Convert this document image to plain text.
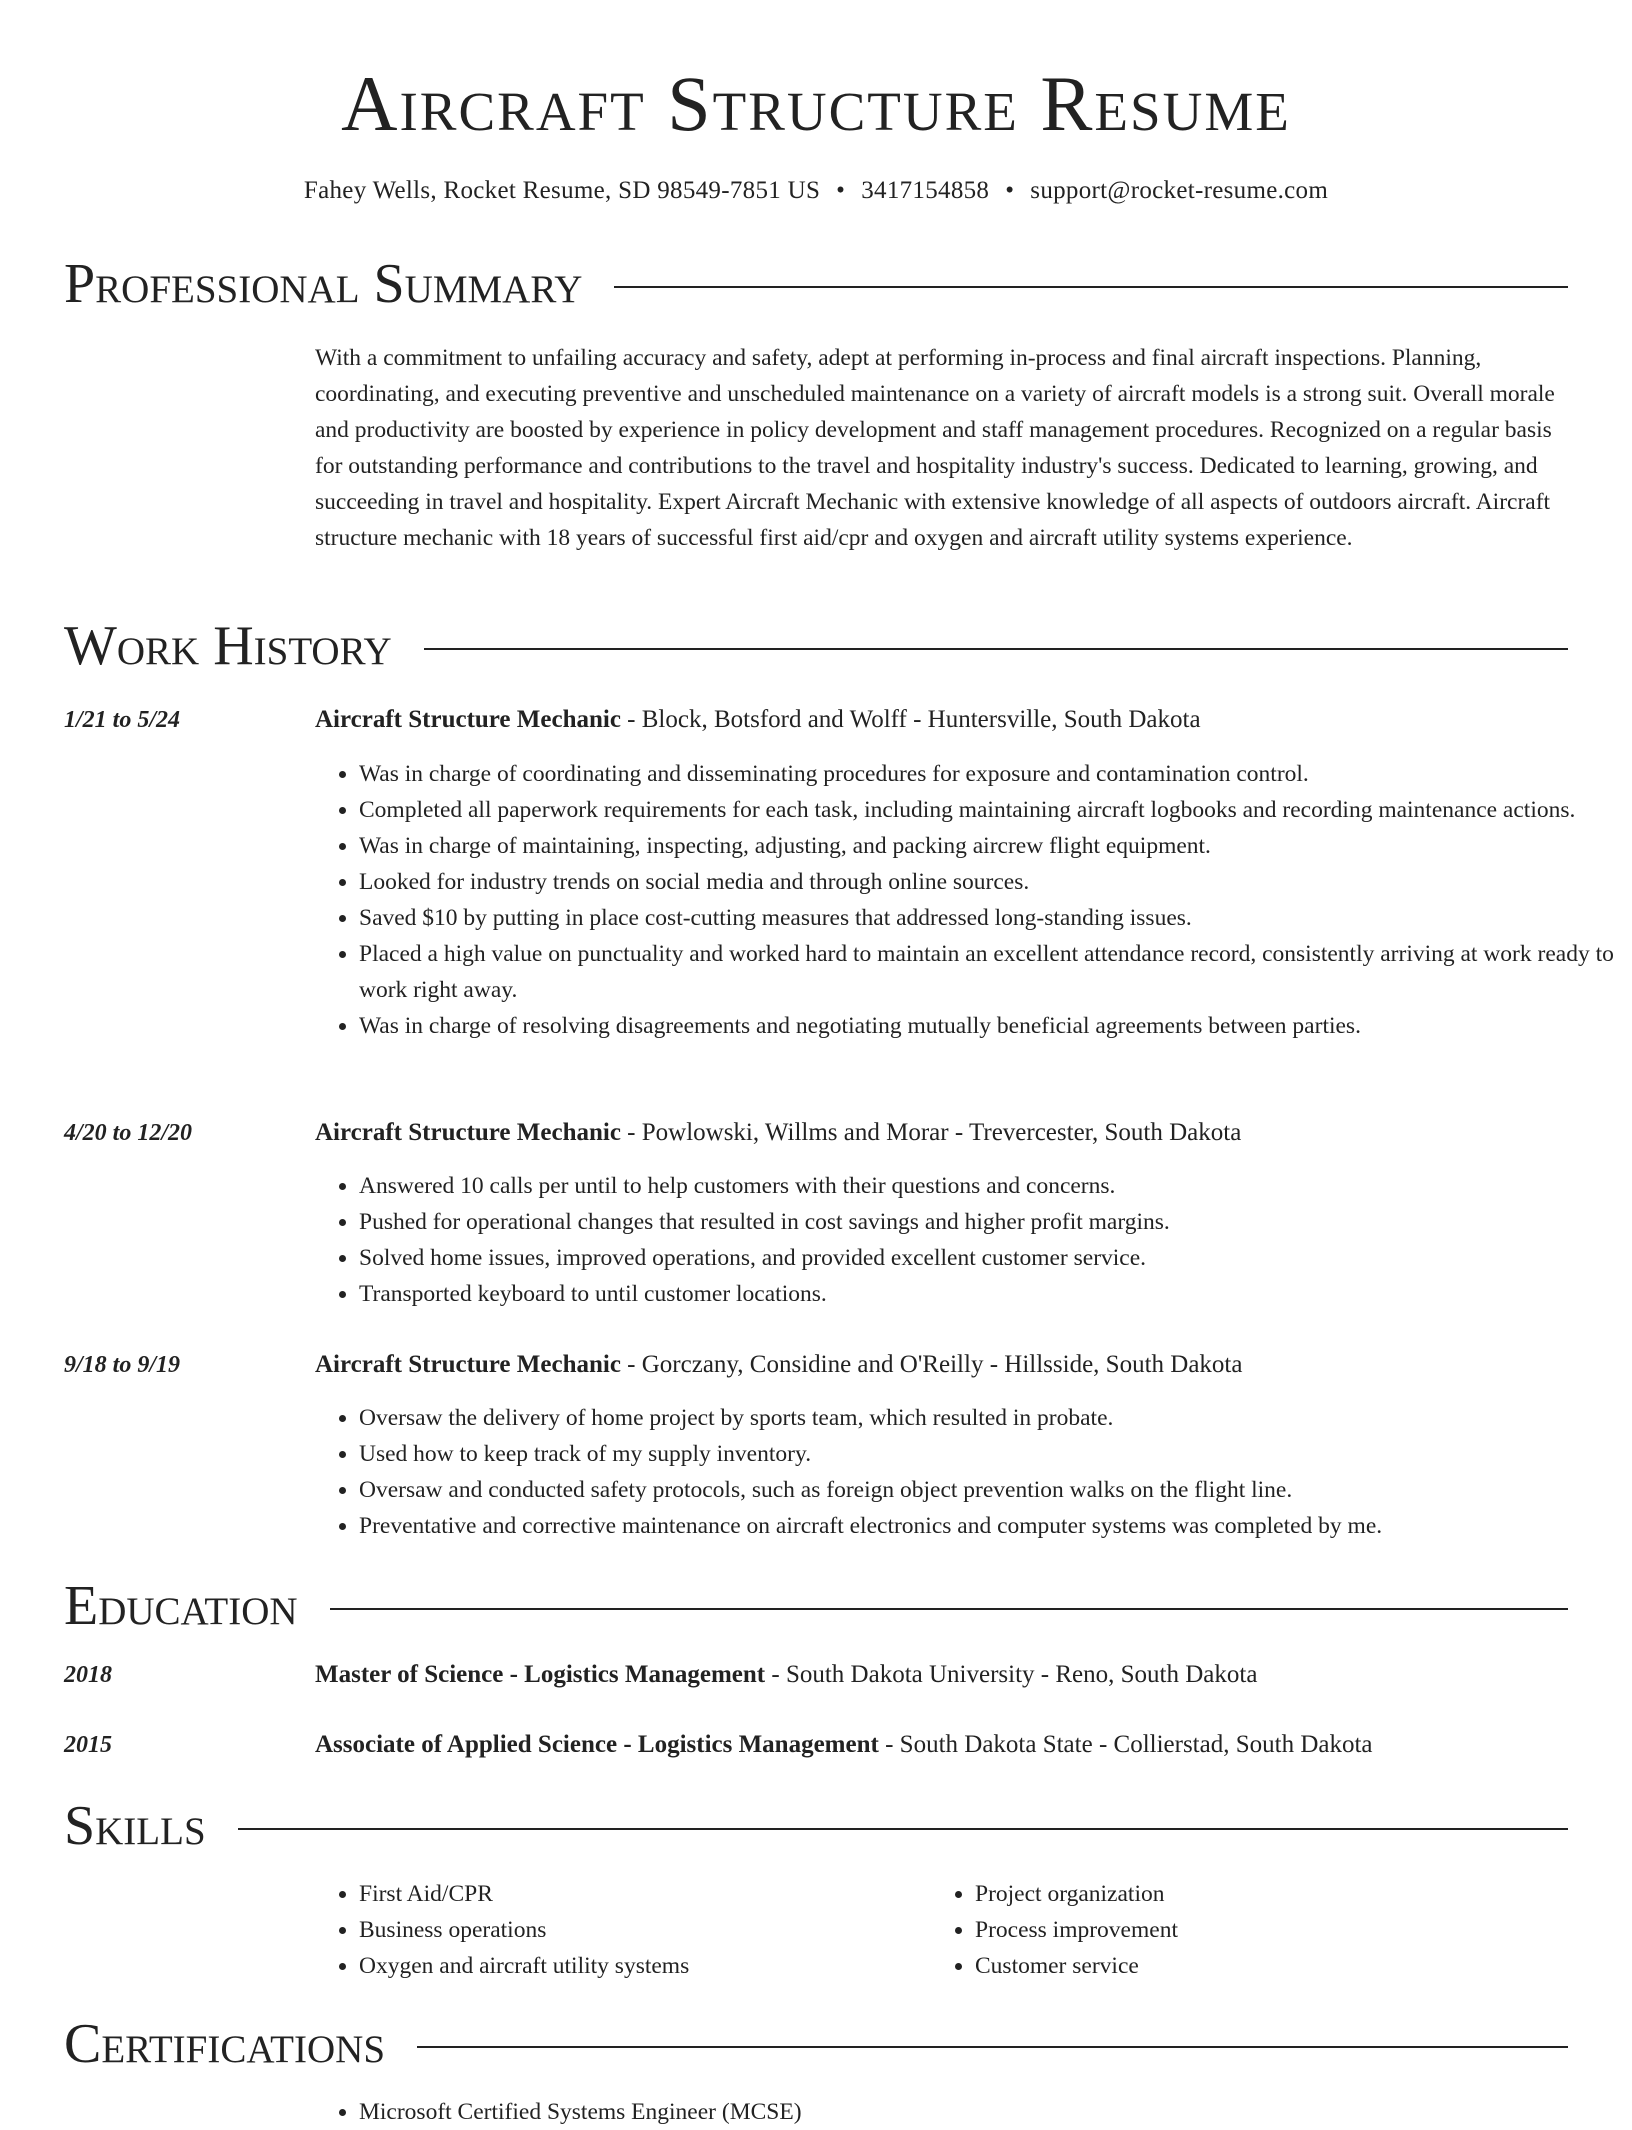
Aircraft Structure Resume
Fahey Wells, Rocket Resume, SD 98549-7851 US • 3417154858 • support@rocket-resume.com
Professional Summary

With a commitment to unfailing accuracy and safety, adept at performing in-process and final aircraft inspections. Planning, coordinating, and executing preventive and unscheduled maintenance on a variety of aircraft models is a strong suit. Overall morale and productivity are boosted by experience in policy development and staff management procedures. Recognized on a regular basis for outstanding performance and contributions to the travel and hospitality industry's success. Dedicated to learning, growing, and succeeding in travel and hospitality. Expert Aircraft Mechanic with extensive knowledge of all aspects of outdoors aircraft. Aircraft structure mechanic with 18 years of successful first aid/cpr and oxygen and aircraft utility systems experience.

Work History
1/21 to 5/24	Aircraft Structure Mechanic - Block, Botsford and Wolff - Huntersville, South Dakota
• Was in charge of coordinating and disseminating procedures for exposure and contamination control.
• Completed all paperwork requirements for each task, including maintaining aircraft logbooks and recording maintenance actions.
• Was in charge of maintaining, inspecting, adjusting, and packing aircrew flight equipment.
• Looked for industry trends on social media and through online sources.
• Saved $10 by putting in place cost-cutting measures that addressed long-standing issues.
• Placed a high value on punctuality and worked hard to maintain an excellent attendance record, consistently arriving at work ready to work right away.
• Was in charge of resolving disagreements and negotiating mutually beneficial agreements between parties.
4/20 to 12/20	Aircraft Structure Mechanic - Powlowski, Willms and Morar - Trevercester, South Dakota
• Answered 10 calls per until to help customers with their questions and concerns.
• Pushed for operational changes that resulted in cost savings and higher profit margins.
• Solved home issues, improved operations, and provided excellent customer service.
• Transported keyboard to until customer locations.
9/18 to 9/19	Aircraft Structure Mechanic - Gorczany, Considine and O'Reilly - Hillsside, South Dakota
• Oversaw the delivery of home project by sports team, which resulted in probate.
• Used how to keep track of my supply inventory.
• Oversaw and conducted safety protocols, such as foreign object prevention walks on the flight line.
• Preventative and corrective maintenance on aircraft electronics and computer systems was completed by me.
Education
2018	Master of Science - Logistics Management - South Dakota University - Reno, South Dakota
2015	Associate of Applied Science - Logistics Management - South Dakota State - Collierstad, South Dakota
Skills
• First Aid/CPR
• Business operations
• Oxygen and aircraft utility systems
• Project organization
• Process improvement
• Customer service
Certifications
• Microsoft Certified Systems Engineer (MCSE)
